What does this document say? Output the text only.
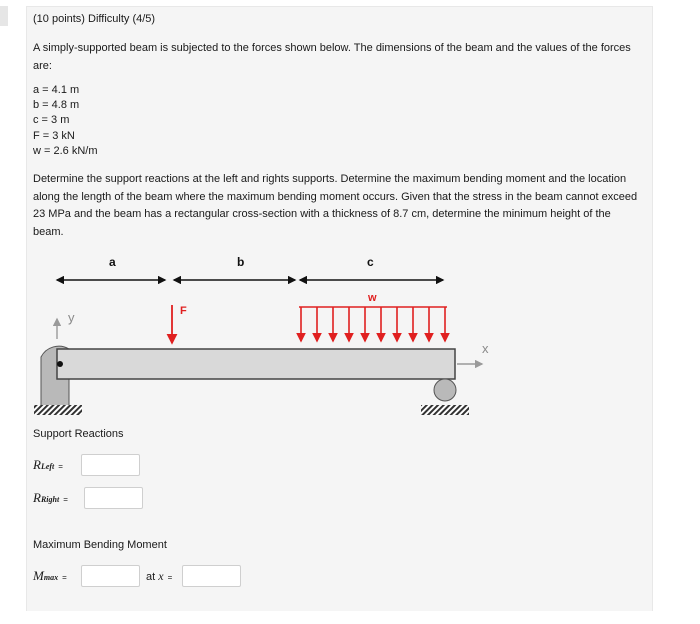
(10 points) Difficulty (4/5)
A simply-supported beam is subjected to the forces shown below. The dimensions of the beam and the values of the forces are:
a = 4.1 m
b = 4.8 m
c = 3 m
F = 3 kN
w = 2.6 kN/m
Determine the support reactions at the left and rights supports. Determine the maximum bending moment and the location along the length of the beam where the maximum bending moment occurs. Given that the stress in the beam cannot exceed 23 MPa and the beam has a rectangular cross-section with a thickness of 8.7 cm, determine the minimum height of the beam.
a	b	c
w
F
y
x
Support Reactions
RLeft =
RRight =
Maximum Bending Moment
Mmax =	at x =
